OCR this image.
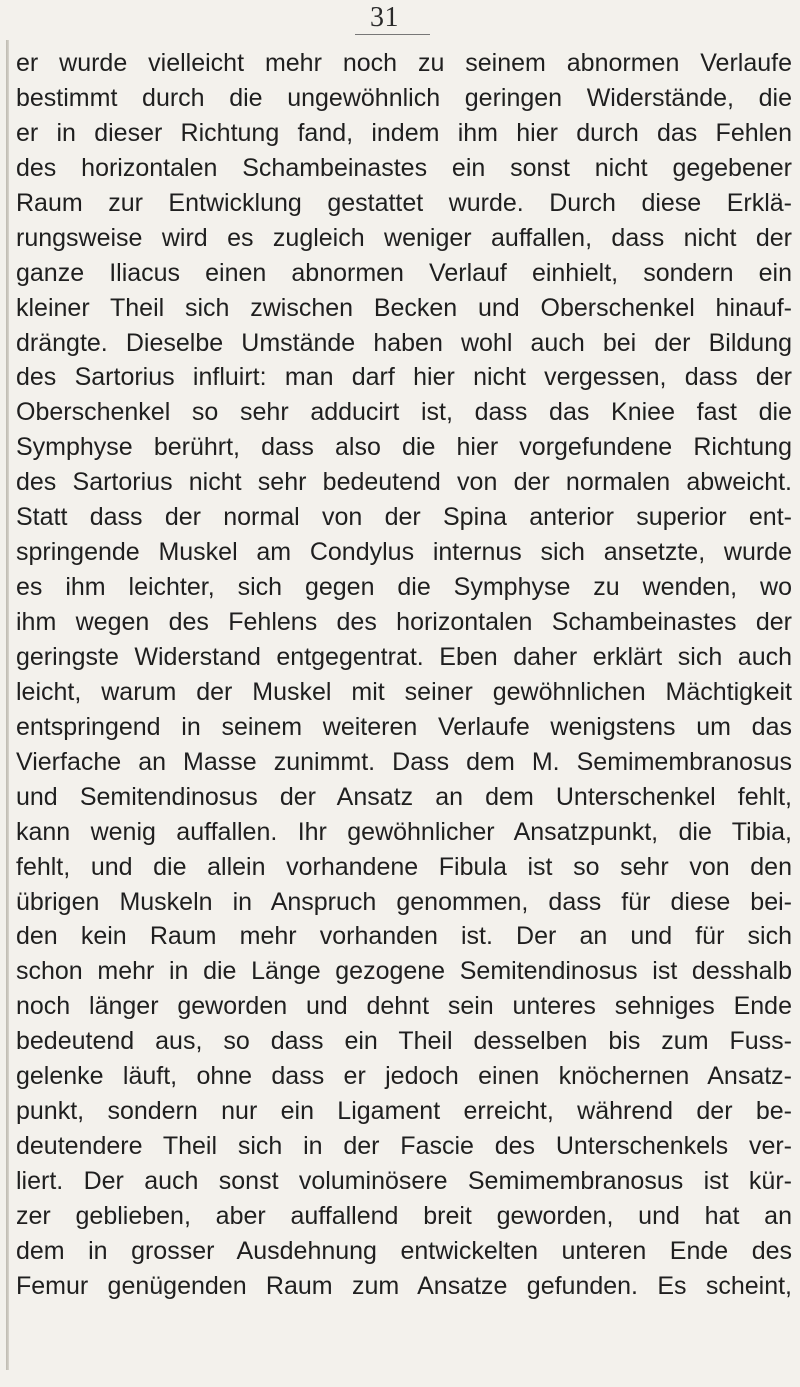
31

er wurde vielleicht mehr noch zu seinem abnormen Verlaufe
bestimmt durch die ungewöhnlich geringen Widerstände, die
er in dieser Richtung fand, indem ihm hier durch das Fehlen
des horizontalen Schambeinastes ein sonst nicht gegebener
Raum zur Entwicklung gestattet wurde. Durch diese Erklä-
rungsweise wird es zugleich weniger auffallen, dass nicht der
ganze Iliacus einen abnormen Verlauf einhielt, sondern ein
kleiner Theil sich zwischen Becken und Oberschenkel hinauf-
drängte. Dieselbe Umstände haben wohl auch bei der Bildung
des Sartorius influirt: man darf hier nicht vergessen, dass der
Oberschenkel so sehr adducirt ist, dass das Kniee fast die
Symphyse berührt, dass also die hier vorgefundene Richtung
des Sartorius nicht sehr bedeutend von der normalen abweicht.
Statt dass der normal von der Spina anterior superior ent-
springende Muskel am Condylus internus sich ansetzte, wurde
es ihm leichter, sich gegen die Symphyse zu wenden, wo
ihm wegen des Fehlens des horizontalen Schambeinastes der
geringste Widerstand entgegentrat. Eben daher erklärt sich auch
leicht, warum der Muskel mit seiner gewöhnlichen Mächtigkeit
entspringend in seinem weiteren Verlaufe wenigstens um das
Vierfache an Masse zunimmt. Dass dem M. Semimembranosus
und Semitendinosus der Ansatz an dem Unterschenkel fehlt,
kann wenig auffallen. Ihr gewöhnlicher Ansatzpunkt, die Tibia,
fehlt, und die allein vorhandene Fibula ist so sehr von den
übrigen Muskeln in Anspruch genommen, dass für diese bei-
den kein Raum mehr vorhanden ist. Der an und für sich
schon mehr in die Länge gezogene Semitendinosus ist desshalb
noch länger geworden und dehnt sein unteres sehniges Ende
bedeutend aus, so dass ein Theil desselben bis zum Fuss-
gelenke läuft, ohne dass er jedoch einen knöchernen Ansatz-
punkt, sondern nur ein Ligament erreicht, während der be-
deutendere Theil sich in der Fascie des Unterschenkels ver-
liert. Der auch sonst voluminösere Semimembranosus ist kür-
zer geblieben, aber auffallend breit geworden, und hat an
dem in grosser Ausdehnung entwickelten unteren Ende des
Femur genügenden Raum zum Ansatze gefunden. Es scheint,
